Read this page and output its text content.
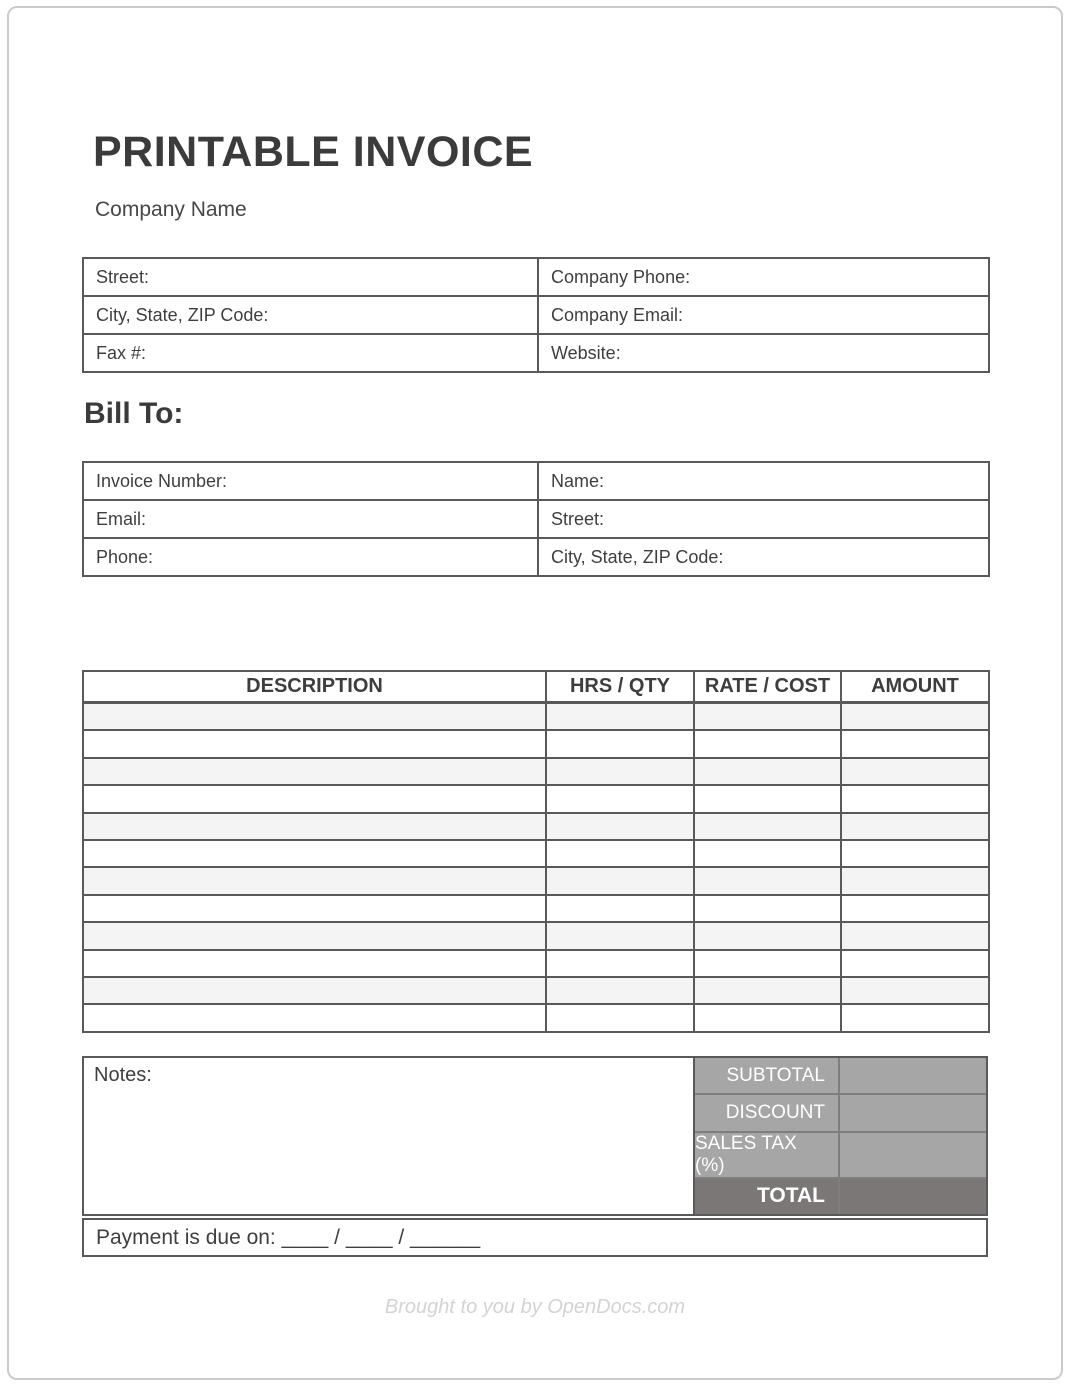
PRINTABLE INVOICE
Company Name
Street:	Company Phone:
City, State, ZIP Code:	Company Email:
Fax #:	Website:
Bill To:
Invoice Number:	Name:
Email:	Street:
Phone:	City, State, ZIP Code:
DESCRIPTION	HRS / QTY	RATE / COST	AMOUNT

Notes:	SUBTOTAL
DISCOUNT
SALES TAX (%)
TOTAL
Payment is due on: ____ / ____ / ______
Brought to you by OpenDocs.com
